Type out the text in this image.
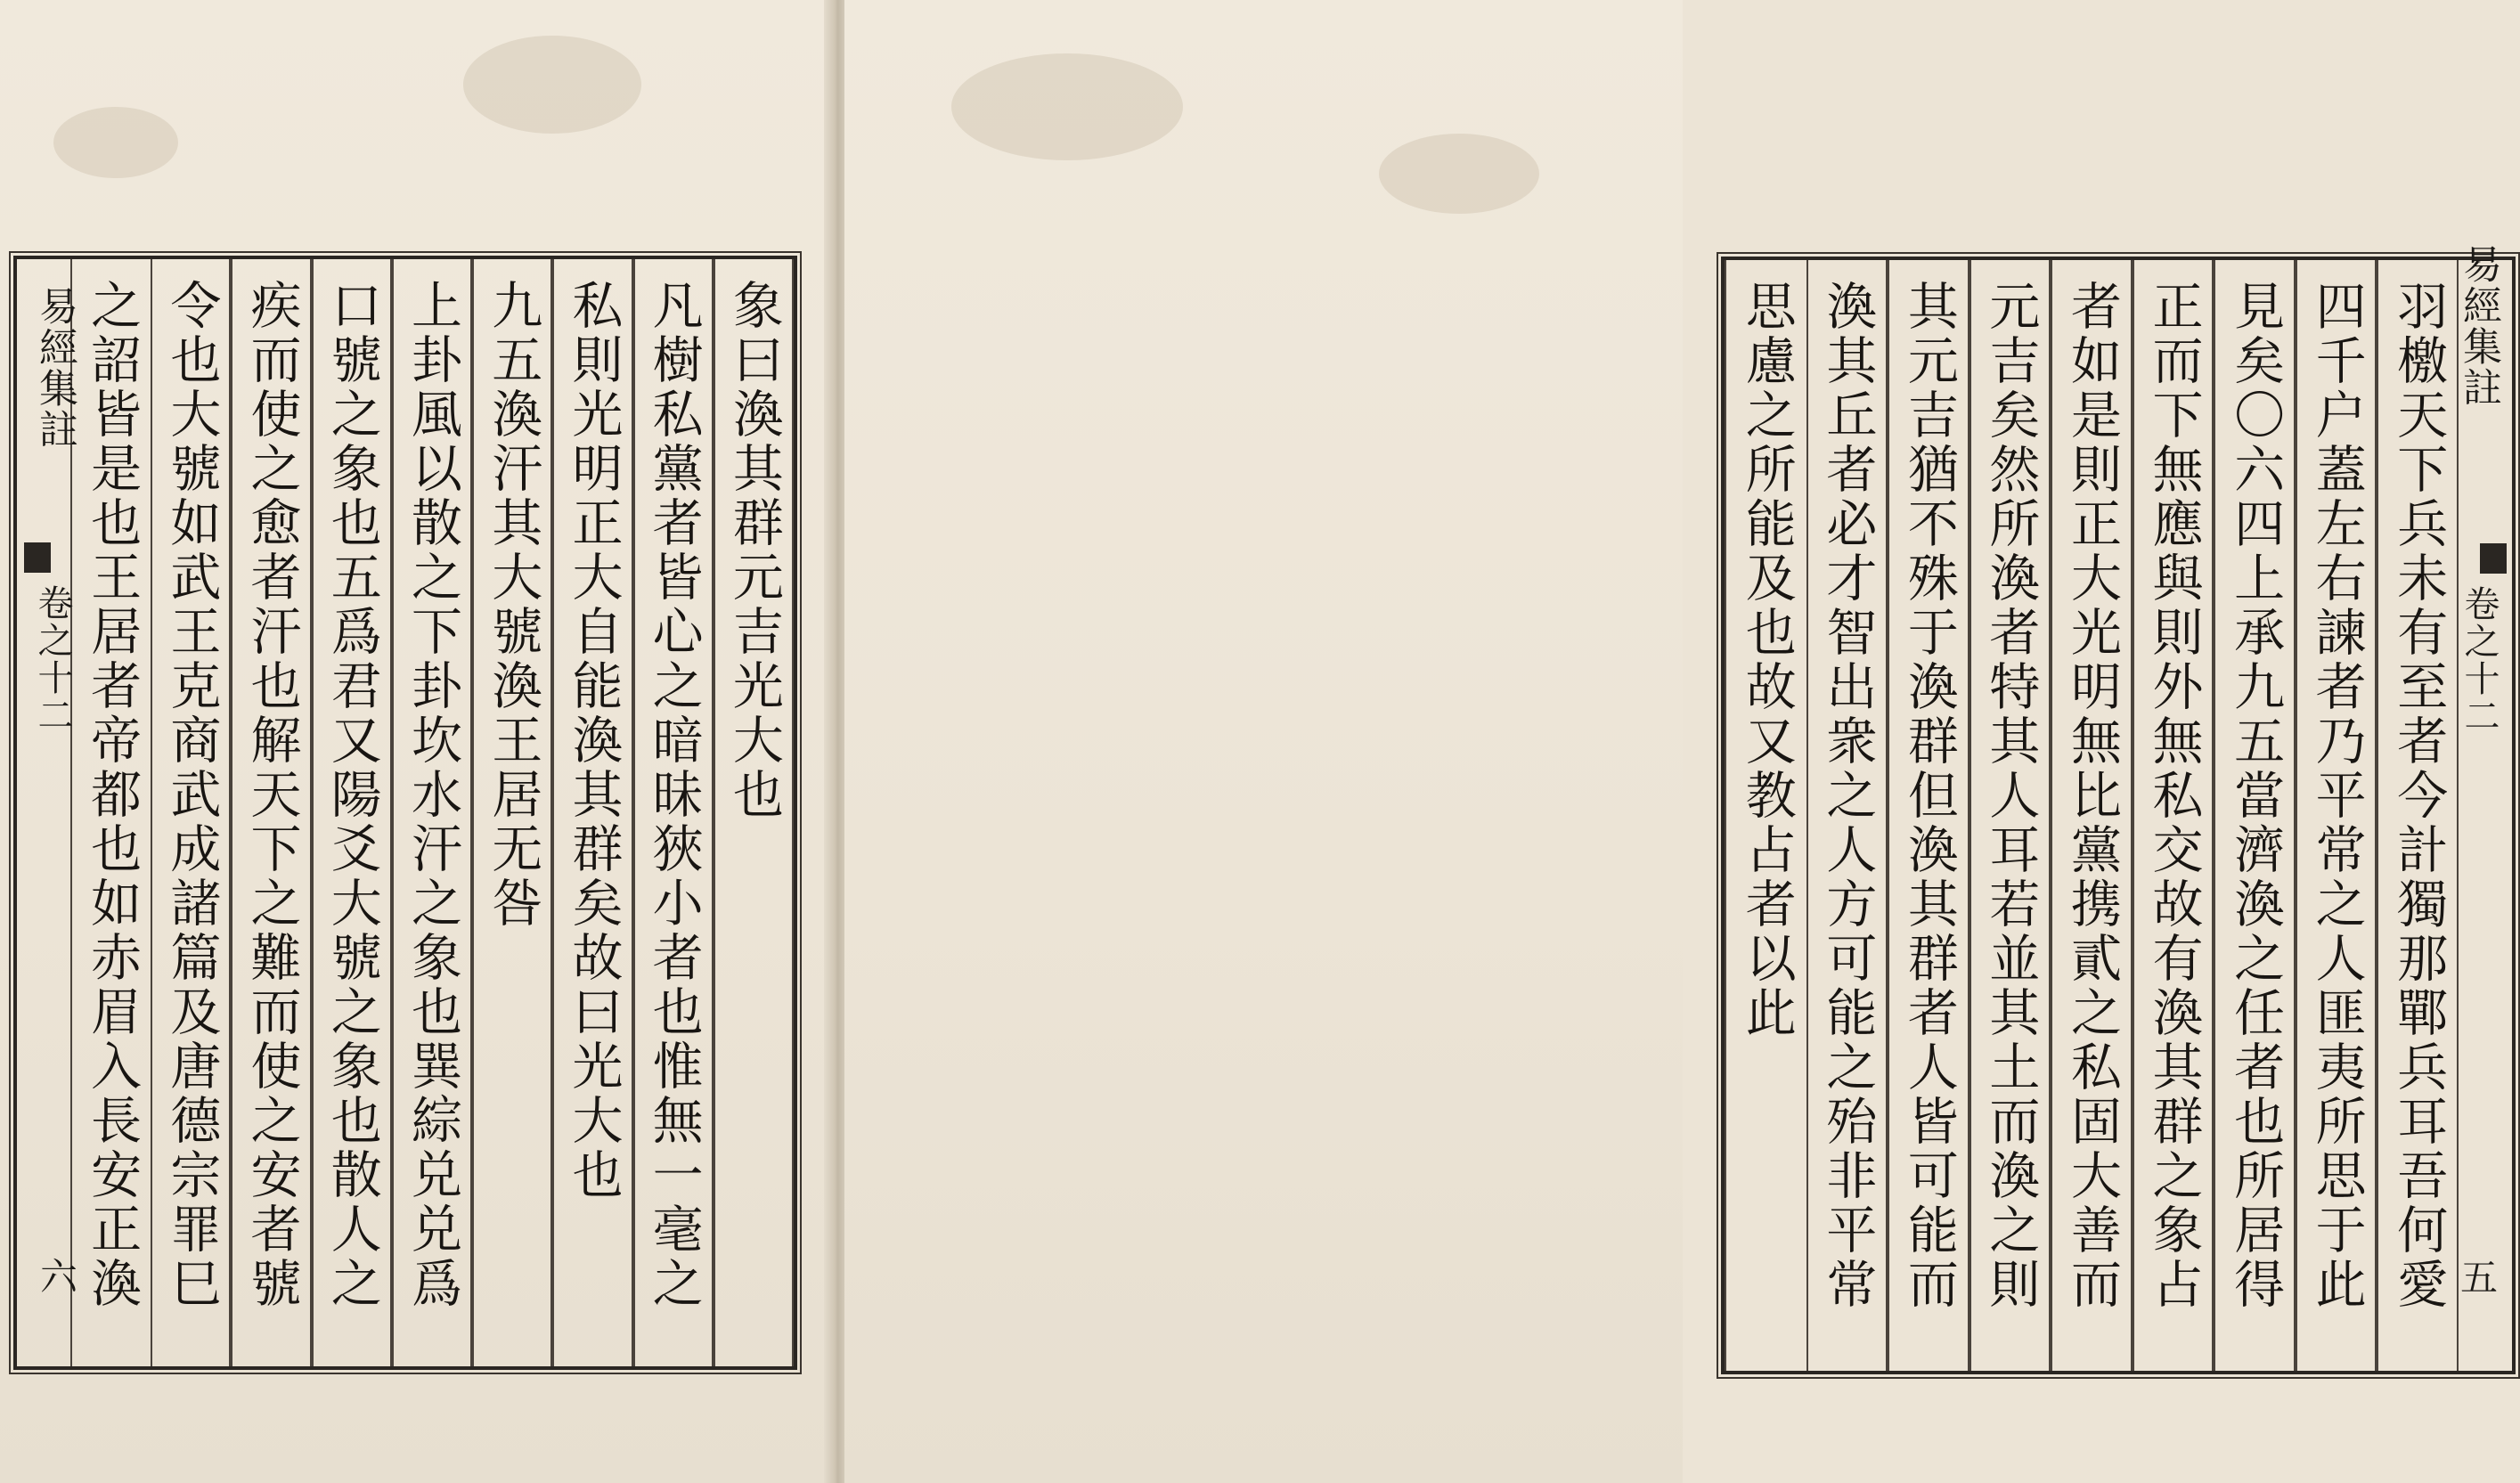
象曰渙其群元吉光大也
凡樹私黨者皆心之暗昧狹小者也惟無一毫之
私則光明正大自能渙其群矣故曰光大也
九五渙汗其大號渙王居无咎
上卦風以散之下卦坎水汗之象也巽綜兑兑爲
口號之象也五爲君又陽爻大號之象也散人之
疾而使之愈者汗也解天下之難而使之安者號
令也大號如武王克商武成諸篇及唐德宗罪巳
之詔皆是也王居者帝都也如赤眉入長安正渙
易經集註
卷之十二
六	羽檄天下兵未有至者今計獨那鄲兵耳吾何愛
四千户蓋左右諫者乃平常之人匪夷所思于此
見矣〇六四上承九五當濟渙之任者也所居得
正而下無應與則外無私交故有渙其群之象占
者如是則正大光明無比黨携貳之私固大善而
元吉矣然所渙者特其人耳若並其土而渙之則
其元吉猶不殊于渙群但渙其群者人皆可能而
渙其丘者必才智出衆之人方可能之殆非平常
思慮之所能及也故又教占者以此	易經集註
卷之十二
五
